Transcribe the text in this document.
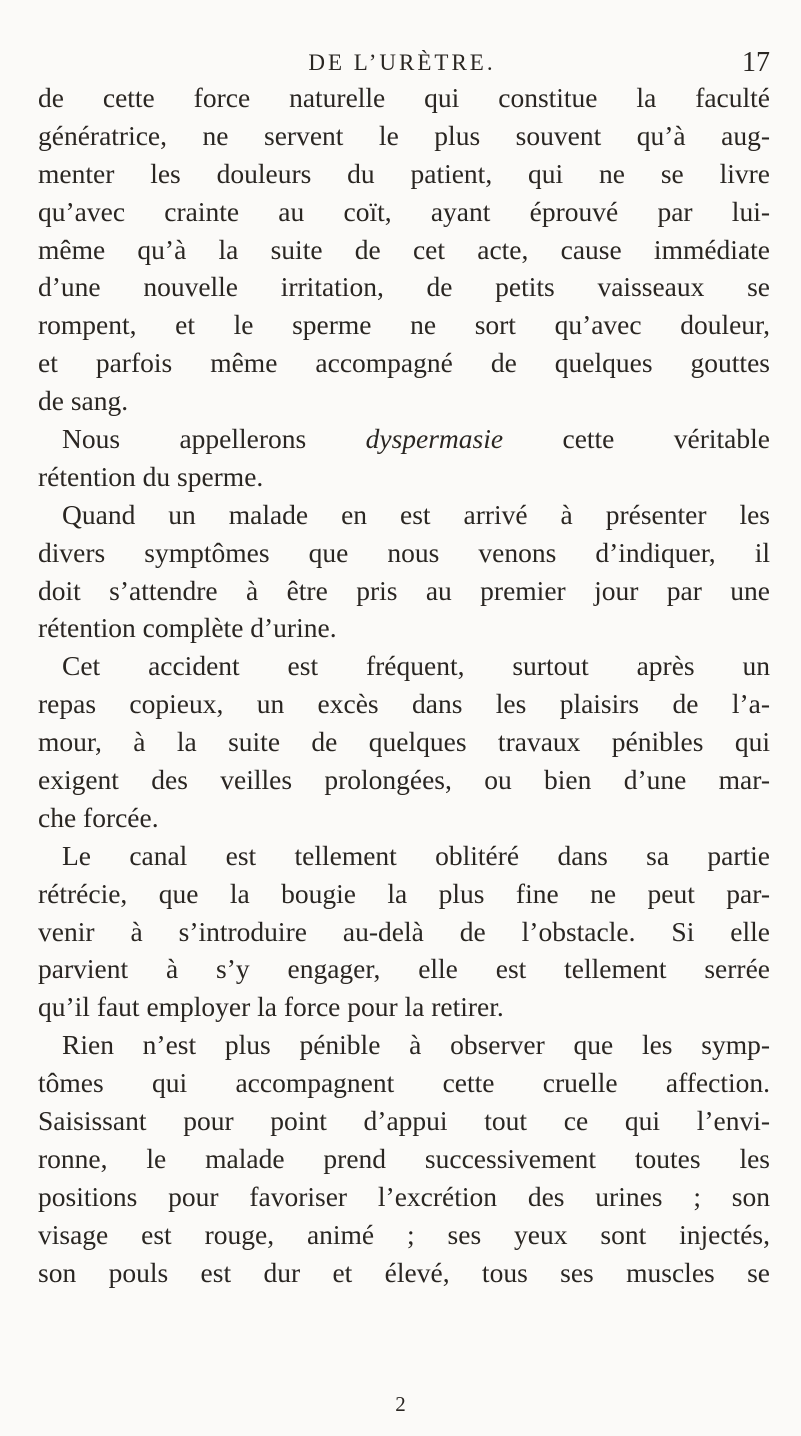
DE L’URÈTRE.	17
de cette force naturelle qui constitue la faculté
génératrice, ne servent le plus souvent qu’à aug-
menter les douleurs du patient, qui ne se livre
qu’avec crainte au coït, ayant éprouvé par lui-
même qu’à la suite de cet acte, cause immédiate
d’une nouvelle irritation, de petits vaisseaux se
rompent, et le sperme ne sort qu’avec douleur,
et parfois même accompagné de quelques gouttes
de sang.
Nous appellerons dyspermasie cette véritable
rétention du sperme.
Quand un malade en est arrivé à présenter les
divers symptômes que nous venons d’indiquer, il
doit s’attendre à être pris au premier jour par une
rétention complète d’urine.
Cet accident est fréquent, surtout après un
repas copieux, un excès dans les plaisirs de l’a-
mour, à la suite de quelques travaux pénibles qui
exigent des veilles prolongées, ou bien d’une mar-
che forcée.
Le canal est tellement oblitéré dans sa partie
rétrécie, que la bougie la plus fine ne peut par-
venir à s’introduire au-delà de l’obstacle. Si elle
parvient à s’y engager, elle est tellement serrée
qu’il faut employer la force pour la retirer.
Rien n’est plus pénible à observer que les symp-
tômes qui accompagnent cette cruelle affection.
Saisissant pour point d’appui tout ce qui l’envi-
ronne, le malade prend successivement toutes les
positions pour favoriser l’excrétion des urines ; son
visage est rouge, animé ; ses yeux sont injectés,
son pouls est dur et élevé, tous ses muscles se
2
